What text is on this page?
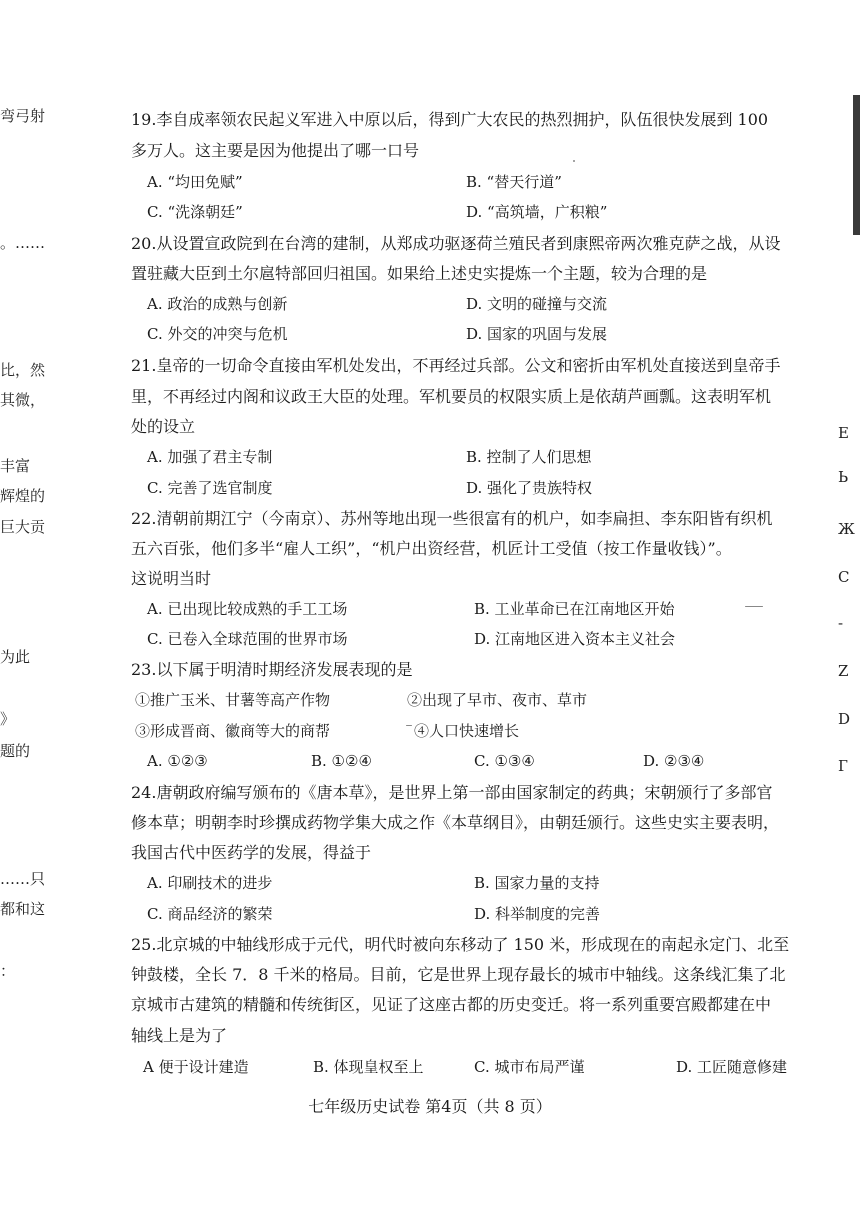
弯弓射
。……
比，然
其微，
丰富
辉煌的
巨大贡
为此
》
题的
……只
都和这
：
Е
Ь
Ж
С
-
Z
D
Г
19.李自成率领农民起义军进入中原以后，得到广大农民的热烈拥护，队伍很快发展到 100
多万人。这主要是因为他提出了哪一口号
A. “均田免赋”	B. “替天行道”
C. “洗涤朝廷”	D. “高筑墙，广积粮”
20.从设置宣政院到在台湾的建制，从郑成功驱逐荷兰殖民者到康熙帝两次雅克萨之战，从设
置驻藏大臣到土尔扈特部回归祖国。如果给上述史实提炼一个主题，较为合理的是
A. 政治的成熟与创新	D. 文明的碰撞与交流
C. 外交的冲突与危机	D. 国家的巩固与发展
21.皇帝的一切命令直接由军机处发出，不再经过兵部。公文和密折由军机处直接送到皇帝手
里，不再经过内阁和议政王大臣的处理。军机要员的权限实质上是依葫芦画瓢。这表明军机
处的设立
A. 加强了君主专制	B. 控制了人们思想
C. 完善了选官制度	D. 强化了贵族特权
22.清朝前期江宁（今南京）、苏州等地出现一些很富有的机户，如李扁担、李东阳皆有织机
五六百张，他们多半“雇人工织”，“机户出资经营，机匠计工受值（按工作量收钱）”。
这说明当时
A. 已出现比较成熟的手工工场	B. 工业革命已在江南地区开始
C. 已卷入全球范围的世界市场	D. 江南地区进入资本主义社会
23.以下属于明清时期经济发展表现的是
①推广玉米、甘薯等高产作物	②出现了早市、夜市、草市
③形成晋商、徽商等大的商帮	④人口快速增长
A. ①②③	B. ①②④	C. ①③④	D. ②③④
24.唐朝政府编写颁布的《唐本草》，是世界上第一部由国家制定的药典；宋朝颁行了多部官
修本草；明朝李时珍撰成药物学集大成之作《本草纲目》，由朝廷颁行。这些史实主要表明，
我国古代中医药学的发展，得益于
A. 印刷技术的进步	B. 国家力量的支持
C. 商品经济的繁荣	D. 科举制度的完善
25.北京城的中轴线形成于元代，明代时被向东移动了 150 米，形成现在的南起永定门、北至
钟鼓楼，全长 7．8 千米的格局。目前，它是世界上现存最长的城市中轴线。这条线汇集了北
京城市古建筑的精髓和传统街区，见证了这座古都的历史变迁。将一系列重要宫殿都建在中
轴线上是为了
A 便于设计建造	B. 体现皇权至上	C. 城市布局严谨	D. 工匠随意修建
七年级历史试卷 第4页（共 8 页）
